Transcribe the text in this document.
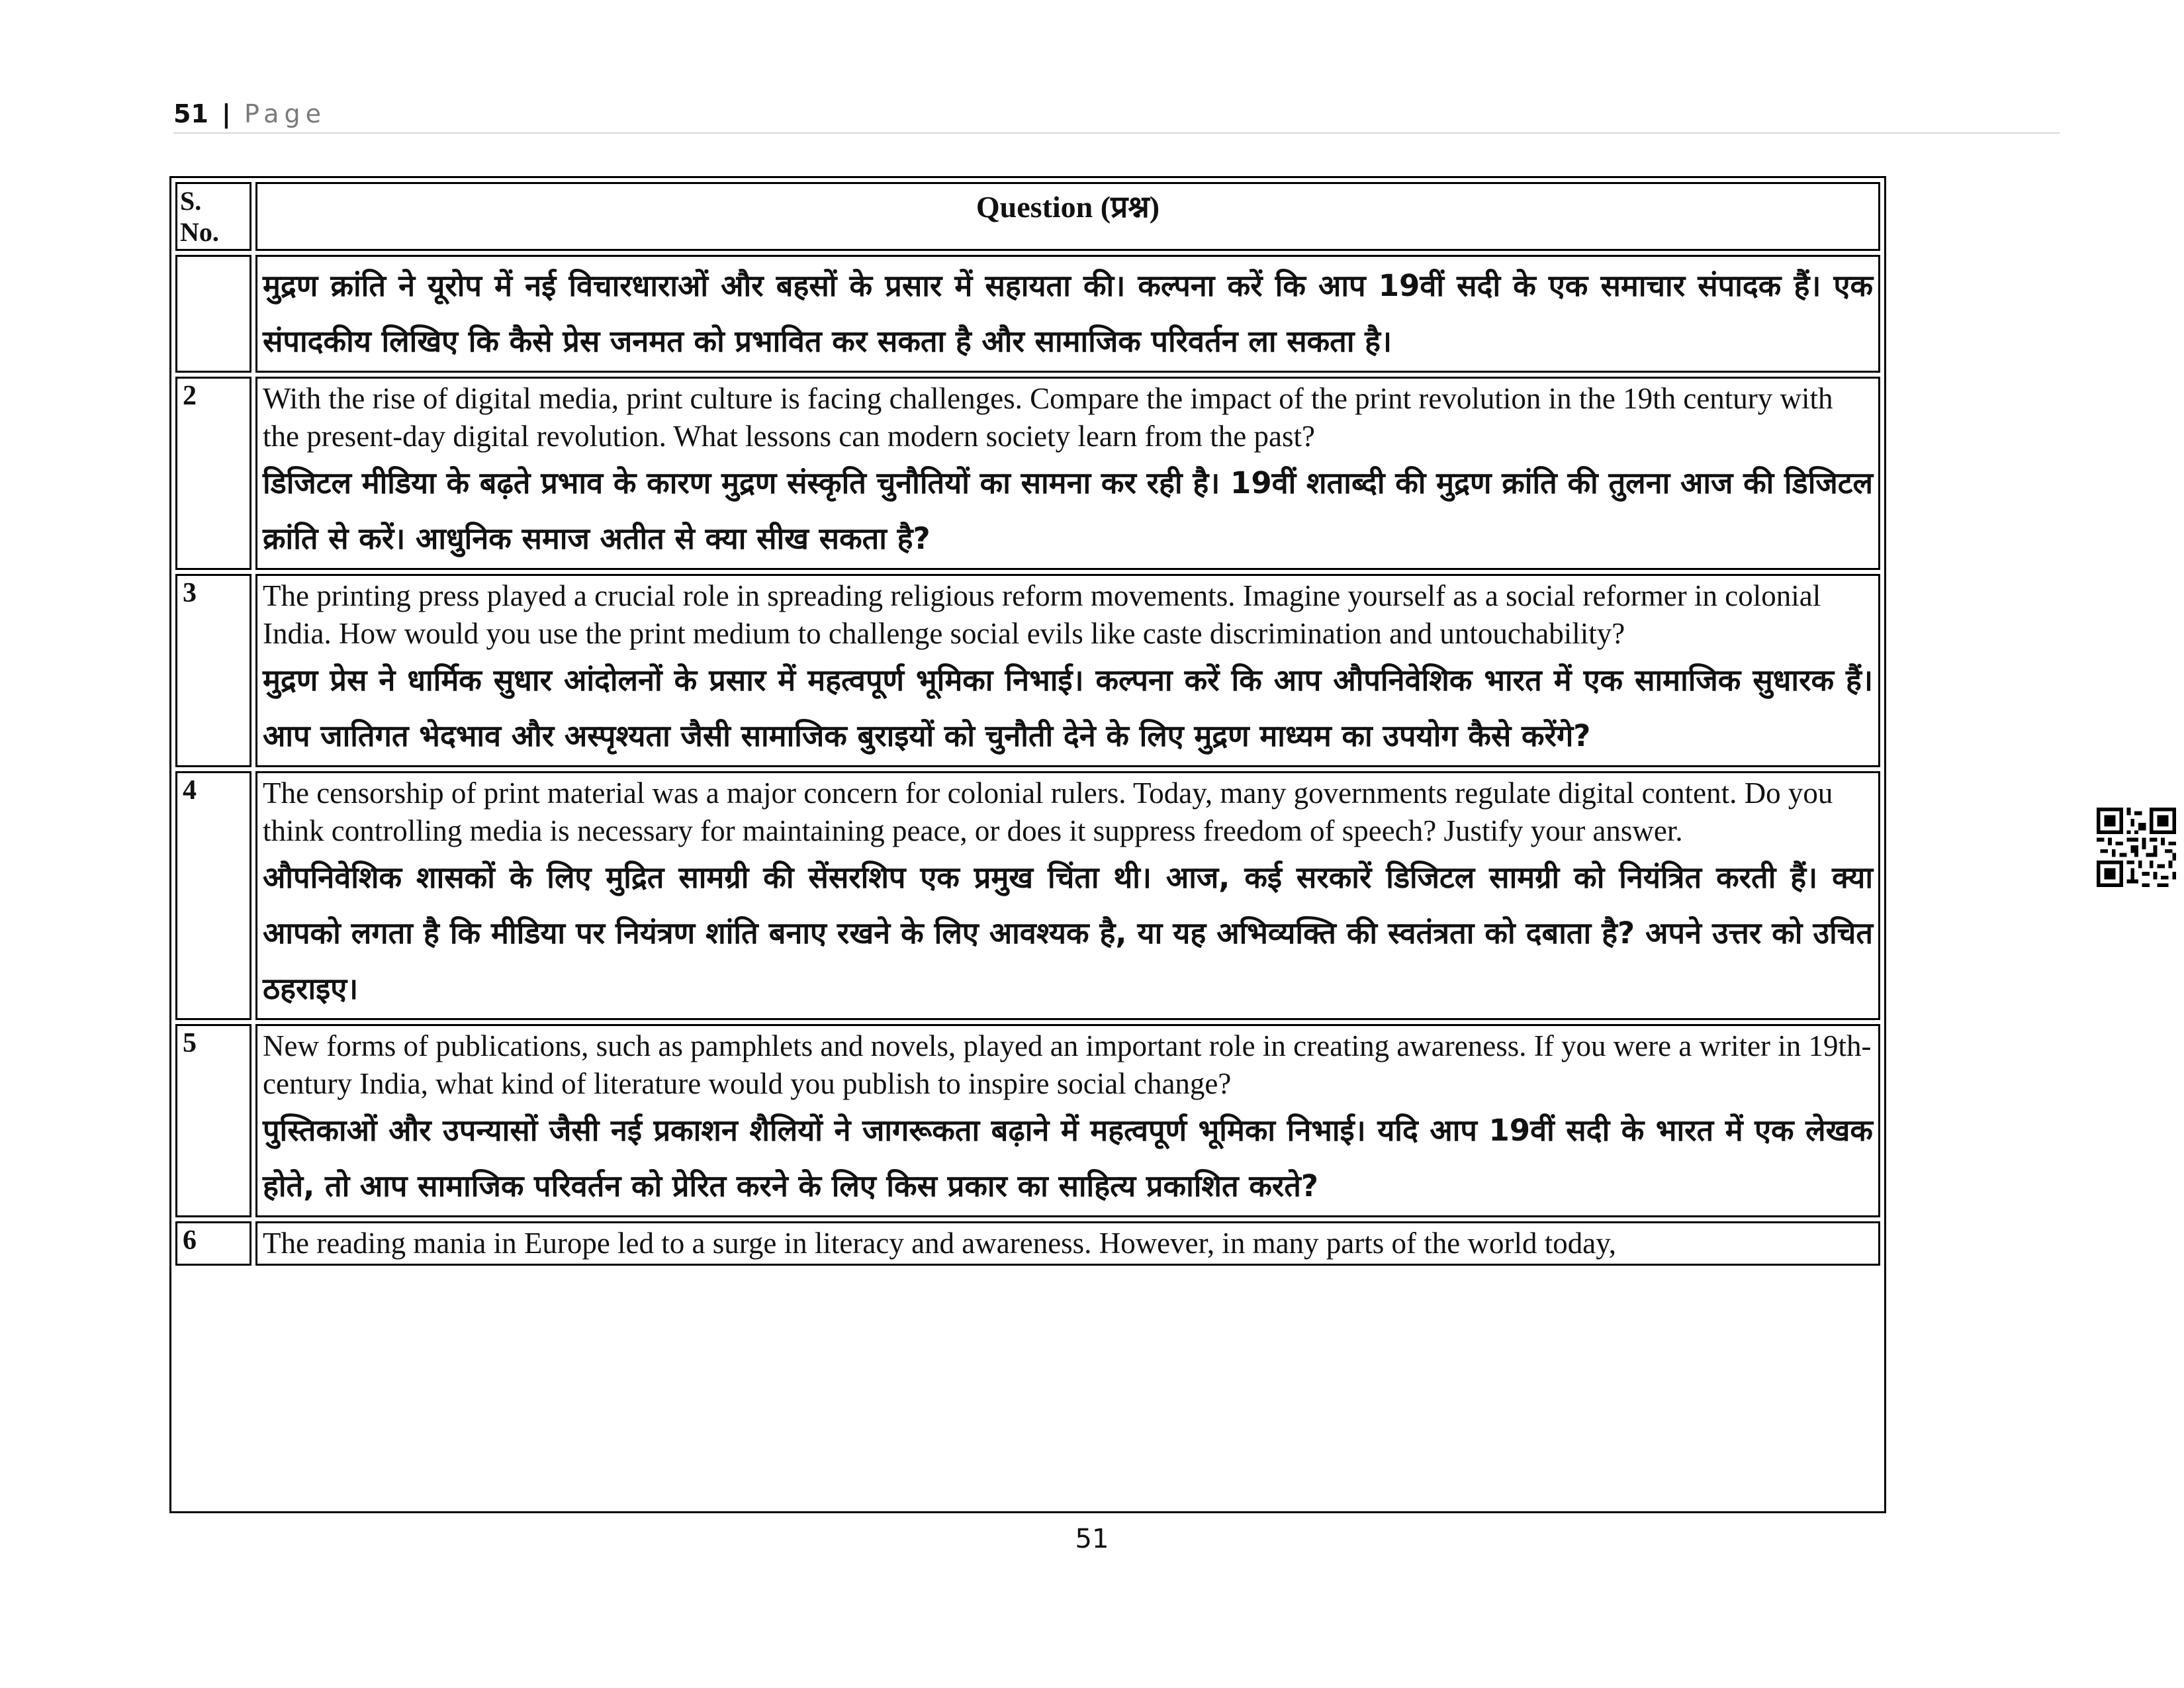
51 | Page
S. No.	Question (प्रश्न)

	मुद्रण क्रांति ने यूरोप में नई विचारधाराओं और बहसों के प्रसार में सहायता की। कल्पना करें कि आप 19वीं सदी के एक समाचार संपादक हैं। एक संपादकीय लिखिए कि कैसे प्रेस जनमत को प्रभावित कर सकता है और सामाजिक परिवर्तन ला सकता है।

2	With the rise of digital media, print culture is facing challenges. Compare the impact of the print revolution in the 19th century with the present-day digital revolution. What lessons can modern society learn from the past?

डिजिटल मीडिया के बढ़ते प्रभाव के कारण मुद्रण संस्कृति चुनौतियों का सामना कर रही है। 19वीं शताब्दी की मुद्रण क्रांति की तुलना आज की डिजिटल क्रांति से करें। आधुनिक समाज अतीत से क्या सीख सकता है?

3	The printing press played a crucial role in spreading religious reform movements. Imagine yourself as a social reformer in colonial India. How would you use the print medium to challenge social evils like caste discrimination and untouchability?

मुद्रण प्रेस ने धार्मिक सुधार आंदोलनों के प्रसार में महत्वपूर्ण भूमिका निभाई। कल्पना करें कि आप औपनिवेशिक भारत में एक सामाजिक सुधारक हैं। आप जातिगत भेदभाव और अस्पृश्यता जैसी सामाजिक बुराइयों को चुनौती देने के लिए मुद्रण माध्यम का उपयोग कैसे करेंगे?

4	The censorship of print material was a major concern for colonial rulers. Today, many governments regulate digital content. Do you think controlling media is necessary for maintaining peace, or does it suppress freedom of speech? Justify your answer.

औपनिवेशिक शासकों के लिए मुद्रित सामग्री की सेंसरशिप एक प्रमुख चिंता थी। आज, कई सरकारें डिजिटल सामग्री को नियंत्रित करती हैं। क्या आपको लगता है कि मीडिया पर नियंत्रण शांति बनाए रखने के लिए आवश्यक है, या यह अभिव्यक्ति की स्वतंत्रता को दबाता है? अपने उत्तर को उचित ठहराइए।

5	New forms of publications, such as pamphlets and novels, played an important role in creating awareness. If you were a writer in 19th-century India, what kind of literature would you publish to inspire social change?

पुस्तिकाओं और उपन्यासों जैसी नई प्रकाशन शैलियों ने जागरूकता बढ़ाने में महत्वपूर्ण भूमिका निभाई। यदि आप 19वीं सदी के भारत में एक लेखक होते, तो आप सामाजिक परिवर्तन को प्रेरित करने के लिए किस प्रकार का साहित्य प्रकाशित करते?

6	The reading mania in Europe led to a surge in literacy and awareness. However, in many parts of the world today,

51
